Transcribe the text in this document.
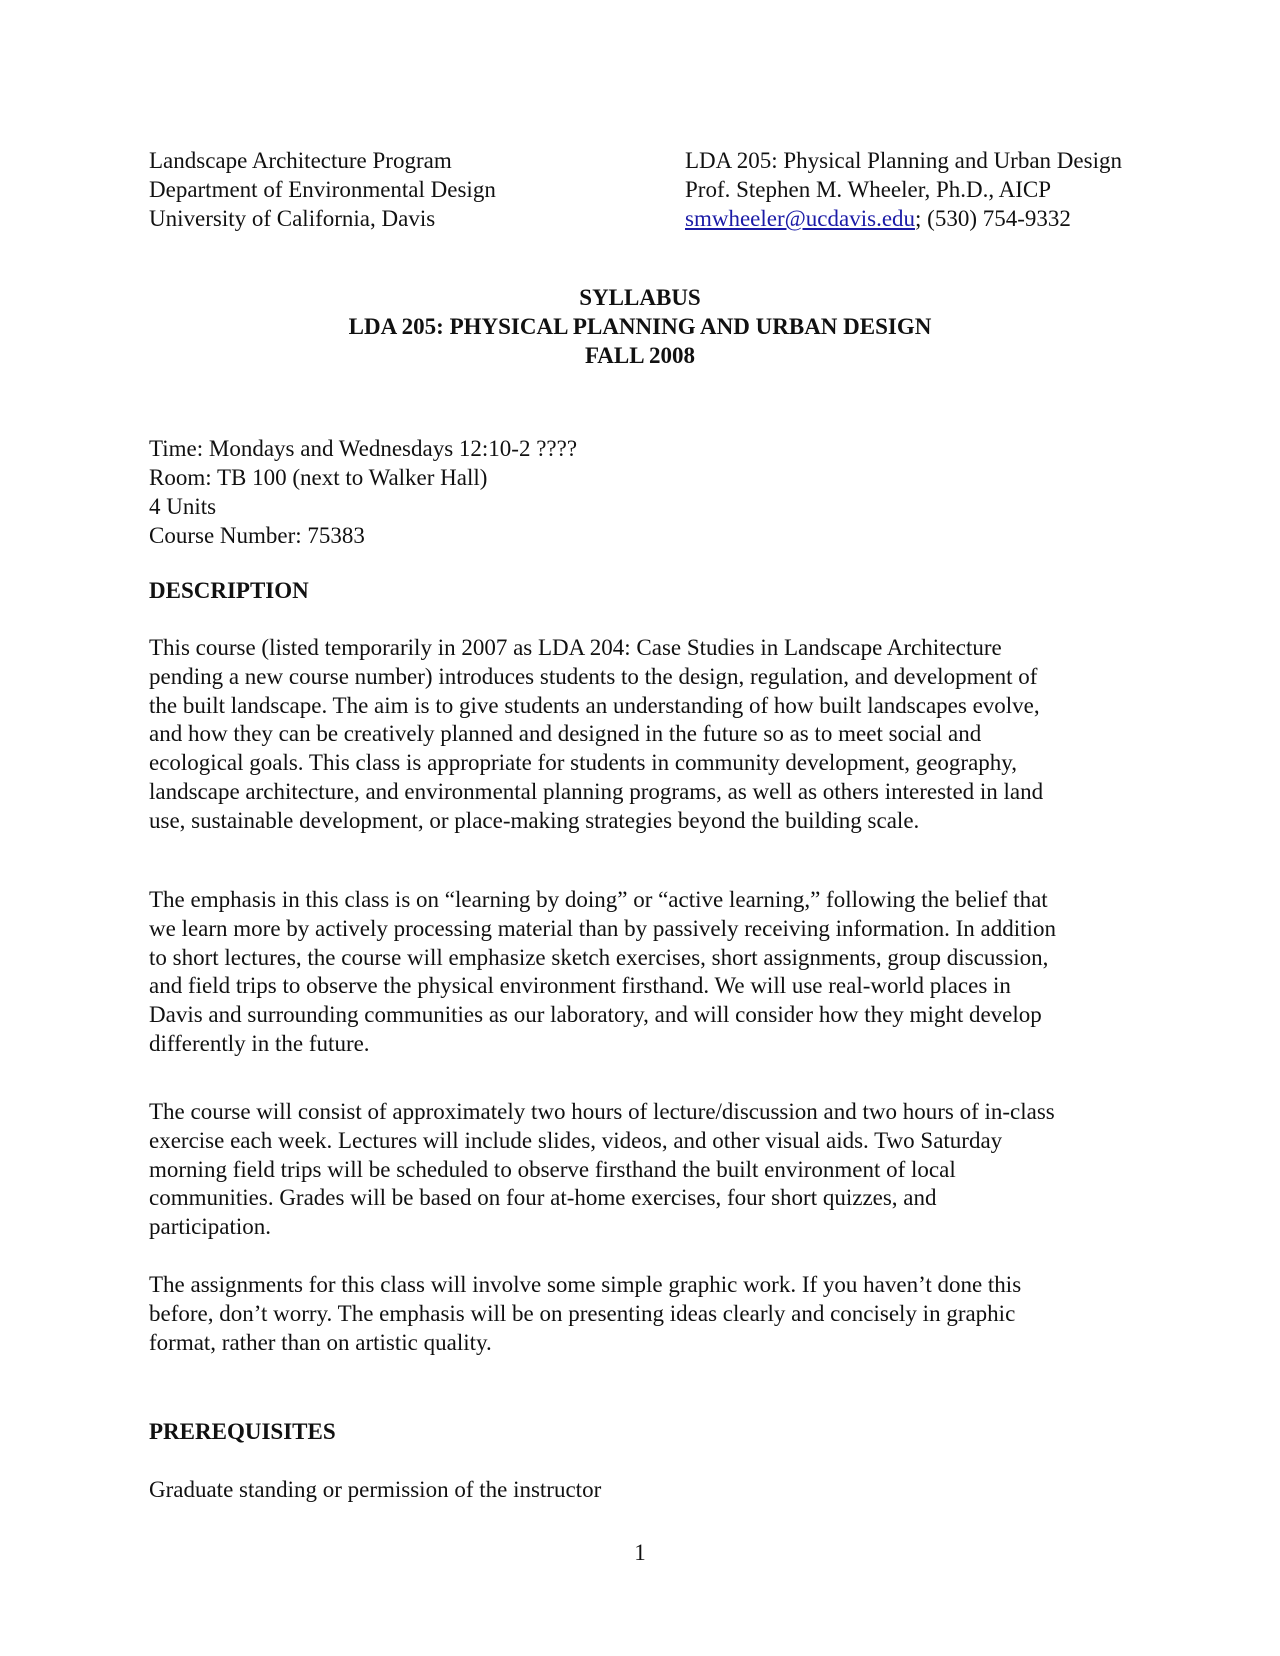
Landscape Architecture Program
Department of Environmental Design
University of California, Davis
LDA 205: Physical Planning and Urban Design
Prof. Stephen M. Wheeler, Ph.D., AICP
smwheeler@ucdavis.edu; (530) 754-9332
SYLLABUS
LDA 205: PHYSICAL PLANNING AND URBAN DESIGN
FALL 2008
Time: Mondays and Wednesdays 12:10-2 ????
Room: TB 100 (next to Walker Hall)
4 Units
Course Number: 75383
DESCRIPTION
This course (listed temporarily in 2007 as LDA 204: Case Studies in Landscape Architecture
pending a new course number) introduces students to the design, regulation, and development of
the built landscape. The aim is to give students an understanding of how built landscapes evolve,
and how they can be creatively planned and designed in the future so as to meet social and
ecological goals. This class is appropriate for students in community development, geography,
landscape architecture, and environmental planning programs, as well as others interested in land
use, sustainable development, or place-making strategies beyond the building scale.
The emphasis in this class is on “learning by doing” or “active learning,” following the belief that
we learn more by actively processing material than by passively receiving information. In addition
to short lectures, the course will emphasize sketch exercises, short assignments, group discussion,
and field trips to observe the physical environment firsthand. We will use real-world places in
Davis and surrounding communities as our laboratory, and will consider how they might develop
differently in the future.
The course will consist of approximately two hours of lecture/discussion and two hours of in-class
exercise each week. Lectures will include slides, videos, and other visual aids. Two Saturday
morning field trips will be scheduled to observe firsthand the built environment of local
communities. Grades will be based on four at-home exercises, four short quizzes, and
participation.
The assignments for this class will involve some simple graphic work. If you haven’t done this
before, don’t worry. The emphasis will be on presenting ideas clearly and concisely in graphic
format, rather than on artistic quality.
PREREQUISITES
Graduate standing or permission of the instructor
1
